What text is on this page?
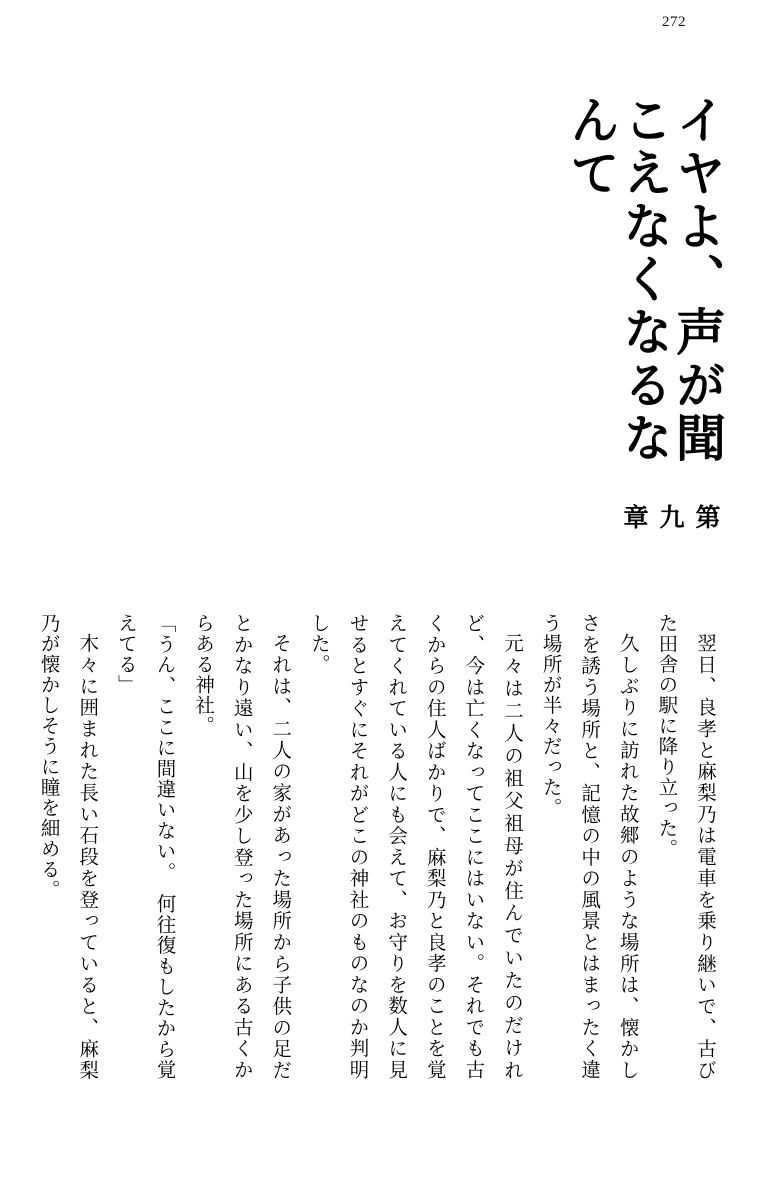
272
イヤよ、声が聞こえなくなるなんて
第 九 章

翌日、良孝と麻梨乃は電車を乗り継いで、古びた田舎の駅に降り立った。

久しぶりに訪れた故郷のような場所は、懐かしさを誘う場所と、記憶の中の風景とはまったく違う場所が半々だった。

元々は二人の祖父祖母が住んでいたのだけれど、今は亡くなってここにはいない。それでも古くからの住人ばかりで、麻梨乃と良孝のことを覚えてくれている人にも会えて、お守りを数人に見せるとすぐにそれがどこの神社のものなのか判明した。

それは、二人の家があった場所から子供の足だとかなり遠い、山を少し登った場所にある古くからある神社。

「うん、ここに間違いない。　何往復もしたから覚えてる」

木々に囲まれた長い石段を登っていると、麻梨乃が懐かしそうに瞳を細める。
